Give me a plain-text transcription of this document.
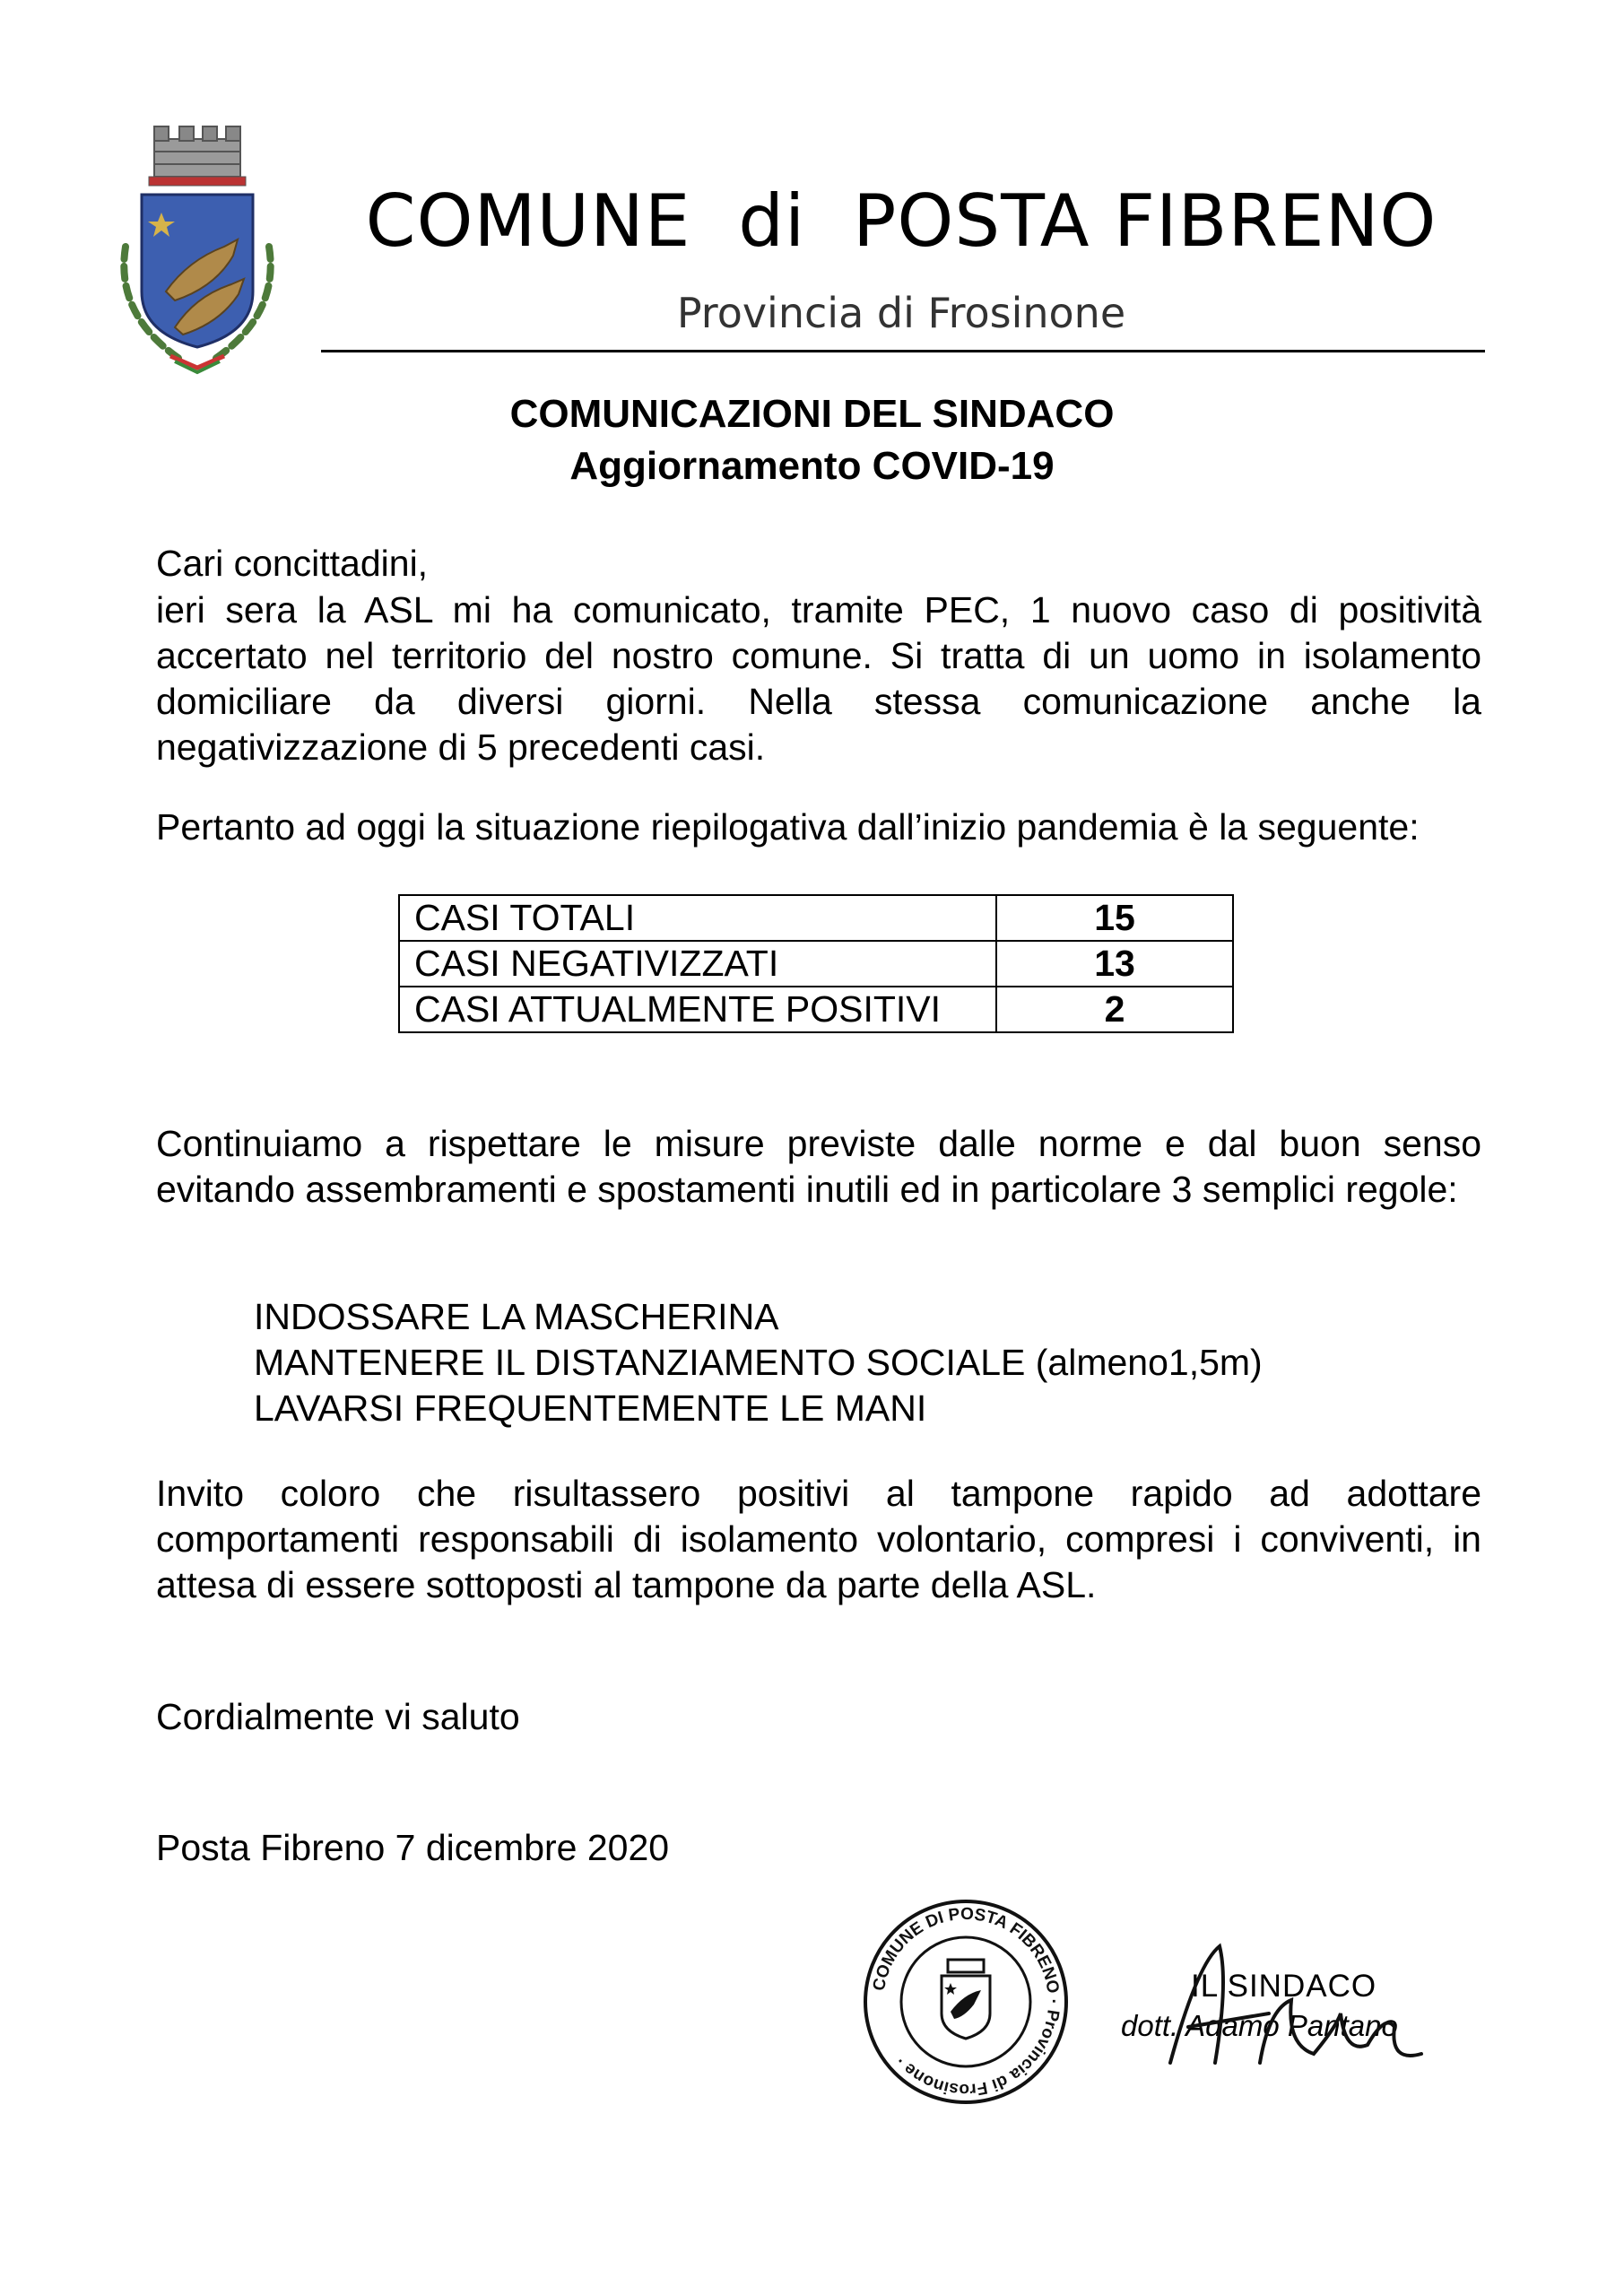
COMUNE  di  POSTA FIBRENO
Provincia di Frosinone
COMUNICAZIONI DEL SINDACO
Aggiornamento COVID-19
Cari concittadini,
ieri sera la ASL mi ha comunicato, tramite PEC, 1 nuovo caso di positività accertato nel territorio del nostro comune. Si tratta di un uomo in isolamento domiciliare da diversi giorni. Nella stessa comunicazione anche la negativizzazione di 5 precedenti casi.
Pertanto ad oggi la situazione riepilogativa dall’inizio pandemia è la seguente:
CASI TOTALI	15
CASI NEGATIVIZZATI	13
CASI ATTUALMENTE POSITIVI	2
Continuiamo a rispettare le misure previste dalle norme e dal buon senso evitando assembramenti e spostamenti inutili ed in particolare 3 semplici regole:
INDOSSARE LA MASCHERINA
MANTENERE IL DISTANZIAMENTO SOCIALE (almeno1,5m)
LAVARSI FREQUENTEMENTE LE MANI
Invito coloro che risultassero positivi al tampone rapido ad adottare comportamenti responsabili di isolamento volontario, compresi i conviventi, in attesa di essere sottoposti al tampone da parte della ASL.
Cordialmente vi saluto
Posta Fibreno 7 dicembre 2020
COMUNE DI POSTA FIBRENO · Provincia di Frosinone ·
IL SINDACO
dott. Adamo Pantano
